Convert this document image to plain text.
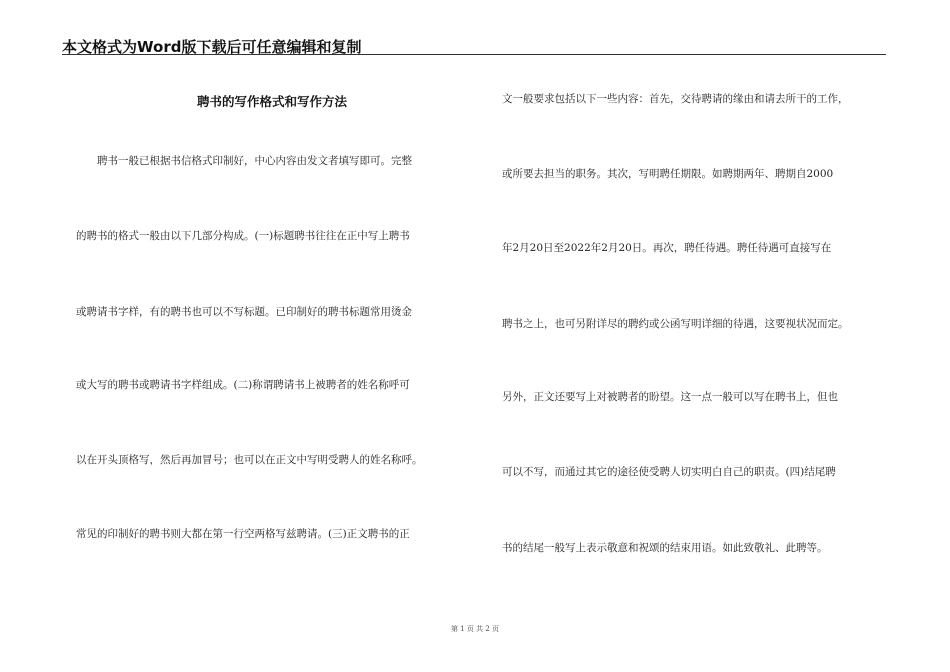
本文格式为Word版下载后可任意编辑和复制
聘书的写作格式和写作方法
聘书一般已根据书信格式印制好，中心内容由发文者填写即可。完整
的聘书的格式一般由以下几部分构成。(一)标题聘书往往在正中写上聘书
或聘请书字样，有的聘书也可以不写标题。已印制好的聘书标题常用烫金
或大写的聘书或聘请书字样组成。(二)称谓聘请书上被聘者的姓名称呼可
以在开头顶格写，然后再加冒号；也可以在正文中写明受聘人的姓名称呼。
常见的印制好的聘书则大都在第一行空两格写兹聘请。(三)正文聘书的正
文一般要求包括以下一些内容：首先，交待聘请的缘由和请去所干的工作，
或所要去担当的职务。其次，写明聘任期限。如聘期两年、聘期自2000
年2月20日至2022年2月20日。再次，聘任待遇。聘任待遇可直接写在
聘书之上，也可另附详尽的聘约或公函写明详细的待遇，这要视状况而定。
另外，正文还要写上对被聘者的盼望。这一点一般可以写在聘书上，但也
可以不写，而通过其它的途径使受聘人切实明白自己的职责。(四)结尾聘
书的结尾一般写上表示敬意和祝颂的结束用语。如此致敬礼、此聘等。
第 1 页 共 2 页
